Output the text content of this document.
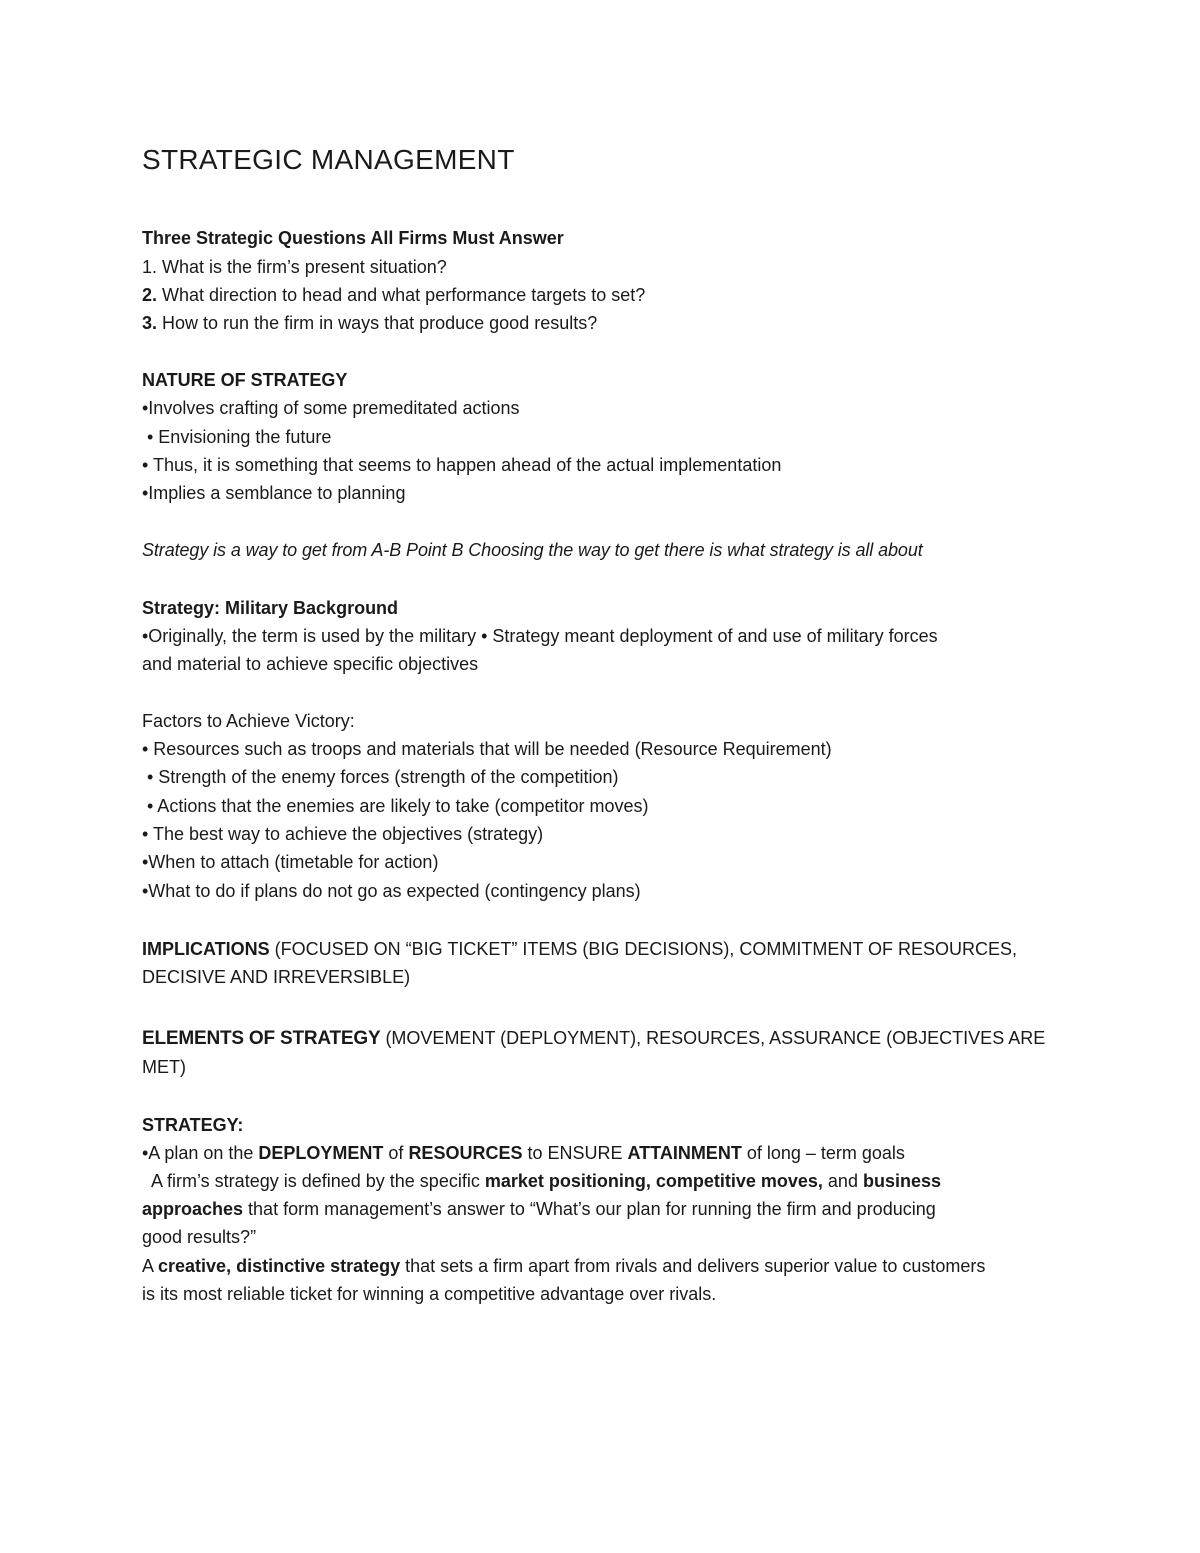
STRATEGIC MANAGEMENT
Three Strategic Questions All Firms Must Answer
1. What is the firm’s present situation?
2. What direction to head and what performance targets to set?
3. How to run the firm in ways that produce good results?
NATURE OF STRATEGY
•Involves crafting of some premeditated actions
• Envisioning the future
• Thus, it is something that seems to happen ahead of the actual implementation
•Implies a semblance to planning
Strategy is a way to get from A-B Point B Choosing the way to get there is what strategy is all about
Strategy: Military Background
•Originally, the term is used by the military • Strategy meant deployment of and use of military forces
and material to achieve specific objectives
Factors to Achieve Victory:
• Resources such as troops and materials that will be needed (Resource Requirement)
• Strength of the enemy forces (strength of the competition)
• Actions that the enemies are likely to take (competitor moves)
• The best way to achieve the objectives (strategy)
•When to attach (timetable for action)
•What to do if plans do not go as expected (contingency plans)
IMPLICATIONS (FOCUSED ON “BIG TICKET” ITEMS (BIG DECISIONS), COMMITMENT OF RESOURCES,
DECISIVE AND IRREVERSIBLE)
ELEMENTS OF STRATEGY (MOVEMENT (DEPLOYMENT), RESOURCES, ASSURANCE (OBJECTIVES ARE
MET)
STRATEGY:
•A plan on the DEPLOYMENT of RESOURCES to ENSURE ATTAINMENT of long – term goals
A firm’s strategy is defined by the specific market positioning, competitive moves, and business
approaches that form management’s answer to “What’s our plan for running the firm and producing
good results?”
A creative, distinctive strategy that sets a firm apart from rivals and delivers superior value to customers
is its most reliable ticket for winning a competitive advantage over rivals.
